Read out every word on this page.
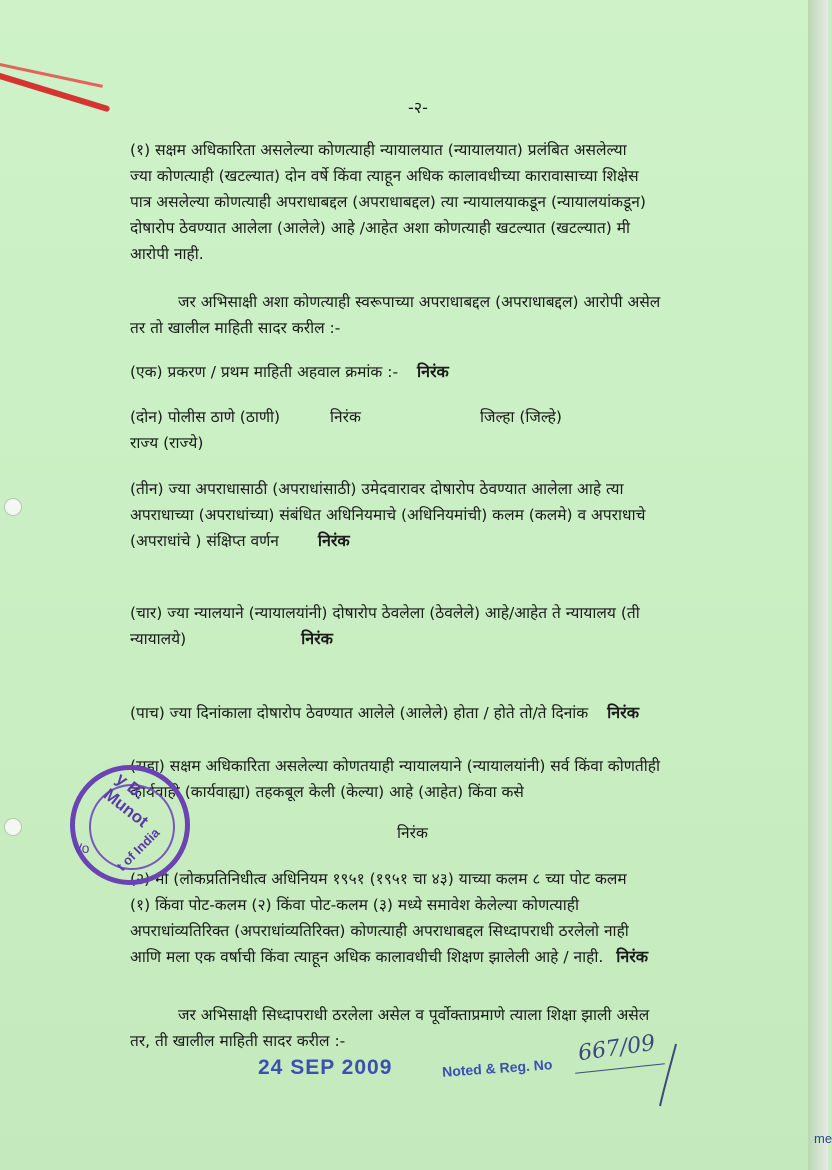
-२-
(१) सक्षम अधिकारिता असलेल्या कोणत्याही न्यायालयात (न्यायालयात) प्रलंबित असलेल्या
ज्या कोणत्याही (खटल्यात) दोन वर्षे किंवा त्याहून अधिक कालावधीच्या कारावासाच्या शिक्षेस
पात्र असलेल्या कोणत्याही अपराधाबद्दल (अपराधाबद्दल) त्या न्यायालयाकडून (न्यायालयांकडून)
दोषारोप ठेवण्यात आलेला (आलेले) आहे /आहेत अशा कोणत्याही खटल्यात (खटल्यात) मी
आरोपी नाही.
जर अभिसाक्षी अशा कोणत्याही स्वरूपाच्या अपराधाबद्दल (अपराधाबद्दल) आरोपी असेल
तर तो खालील माहिती सादर करील :-
(एक) प्रकरण / प्रथम माहिती अहवाल क्रमांक :- निरंक
(दोन) पोलीस ठाणे (ठाणी)	निरंक	जिल्हा (जिल्हे)
राज्य (राज्ये)
(तीन) ज्या अपराधासाठी (अपराधांसाठी) उमेदवारावर दोषारोप ठेवण्यात आलेला आहे त्या
अपराधाच्या (अपराधांच्या) संबंधित अधिनियमाचे (अधिनियमांची) कलम (कलमे) व अपराधाचे
(अपराधांचे ) संक्षिप्त वर्णन निरंक
(चार) ज्या न्यालयाने (न्यायालयांनी) दोषारोप ठेवलेला (ठेवलेले) आहे/आहेत ते न्यायालय (ती
न्यायालये)	निरंक
(पाच) ज्या दिनांकाला दोषारोप ठेवण्यात आलेले (आलेले) होता / होते तो/ते दिनांक निरंक
(सहा) सक्षम अधिकारिता असलेल्या कोणतयाही न्यायालयाने (न्यायालयांनी) सर्व किंवा कोणतीही
कार्यवाही (कार्यवाह्या) तहकबूल केली (केल्या) आहे (आहेत) किंवा कसे
निरंक
(२) मी (लोकप्रतिनिधीत्व अधिनियम १९५१ (१९५१ चा ४३) याच्या कलम ८ च्या पोट कलम
(१) किंवा पोट-कलम (२) किंवा पोट-कलम (३) मध्ये समावेश केलेल्या कोणत्याही
अपराधांव्यतिरिक्त (अपराधांव्यतिरिक्त) कोणत्याही अपराधाबद्दल सिध्दापराधी ठरलेलो नाही
आणि मला एक वर्षाची किंवा त्याहून अधिक कालावधीची शिक्षण झालेली आहे / नाही. निरंक
जर अभिसाक्षी सिध्दापराधी ठरलेला असेल व पूर्वोक्ताप्रमाणे त्याला शिक्षा झाली असेल
तर, ती खालील माहिती सादर करील :-
y B. Munot
t of India
Vo
24 SEP 2009	Noted & Reg. No
667/09
me
